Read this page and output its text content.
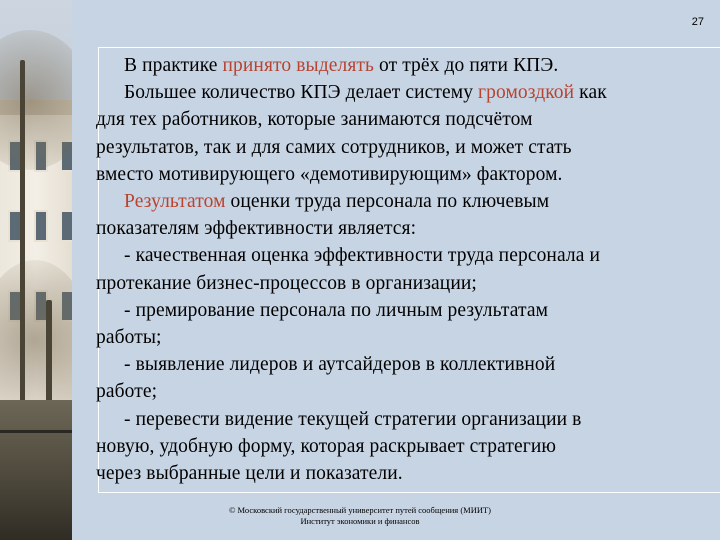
27
В практике принято выделять от трёх до пяти КПЭ.
Большее количество КПЭ делает систему громоздкой как
для тех работников, которые занимаются подсчётом
результатов, так и для самих сотрудников, и может стать
вместо мотивирующего «демотивирующим» фактором.
Результатом оценки труда персонала по ключевым
показателям эффективности является:
- качественная оценка эффективности труда персонала и
протекание бизнес-процессов в организации;
- премирование персонала по личным результатам
работы;
- выявление лидеров и аутсайдеров в коллективной
работе;
- перевести видение текущей стратегии организации в
новую, удобную форму, которая раскрывает стратегию
через выбранные цели и показатели.
© Московский государственный университет путей сообщения (МИИТ)
Институт экономики и финансов
